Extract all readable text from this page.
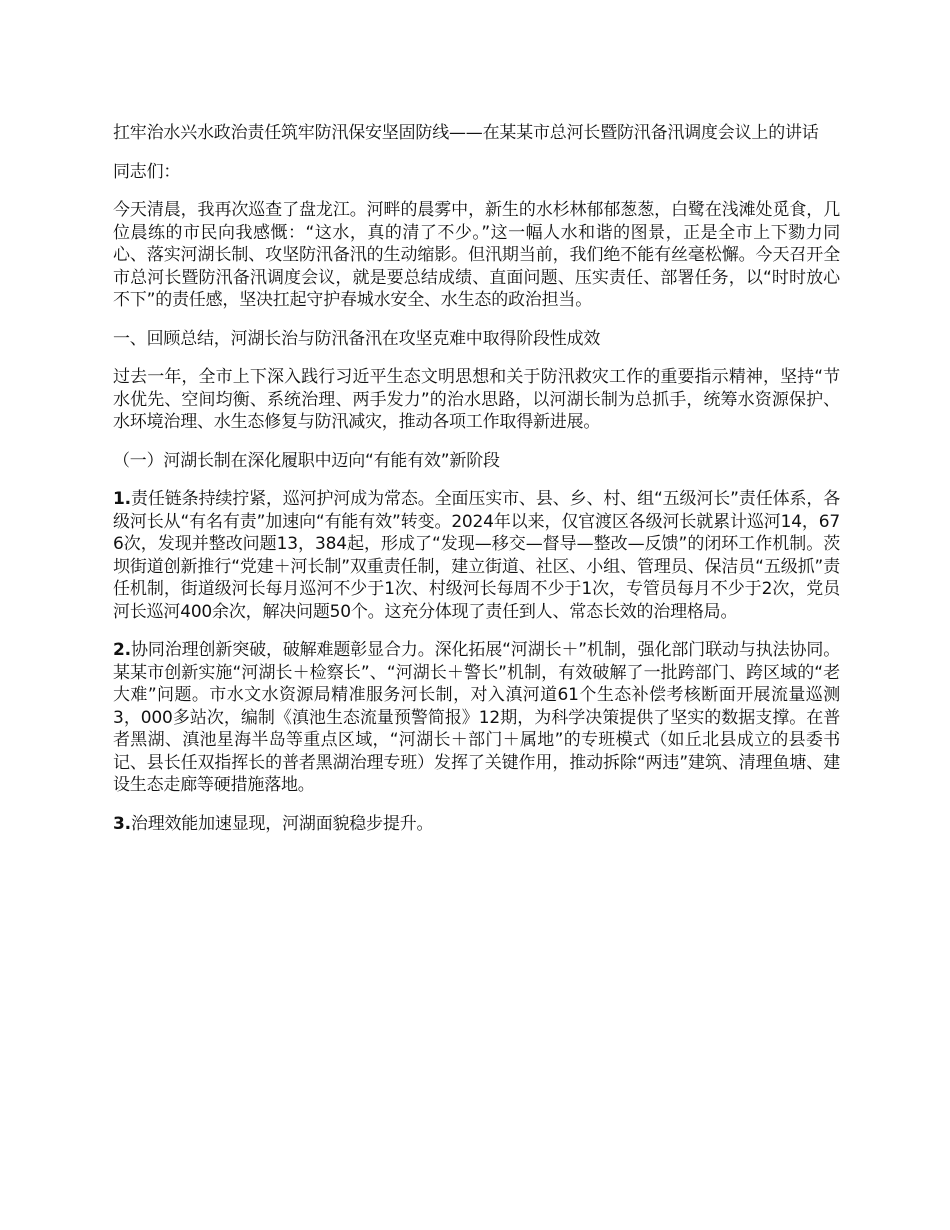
扛牢治水兴水政治责任筑牢防汛保安坚固防线——在某某市总河长暨防汛备汛调度会议上的讲话

同志们：

今天清晨，我再次巡查了盘龙江。河畔的晨雾中，新生的水杉林郁郁葱葱，白鹭在浅滩处觅食，几位晨练的市民向我感慨：“这水，真的清了不少。”这一幅人水和谐的图景，正是全市上下勠力同心、落实河湖长制、攻坚防汛备汛的生动缩影。但汛期当前，我们绝不能有丝毫松懈。今天召开全市总河长暨防汛备汛调度会议，就是要总结成绩、直面问题、压实责任、部署任务，以“时时放心不下”的责任感，坚决扛起守护春城水安全、水生态的政治担当。

一、回顾总结，河湖长治与防汛备汛在攻坚克难中取得阶段性成效

过去一年，全市上下深入践行习近平生态文明思想和关于防汛救灾工作的重要指示精神，坚持“节水优先、空间均衡、系统治理、两手发力”的治水思路，以河湖长制为总抓手，统筹水资源保护、水环境治理、水生态修复与防汛减灾，推动各项工作取得新进展。

（一）河湖长制在深化履职中迈向“有能有效”新阶段

1.责任链条持续拧紧，巡河护河成为常态。全面压实市、县、乡、村、组“五级河长”责任体系，各级河长从“有名有责”加速向“有能有效”转变。2024年以来，仅官渡区各级河长就累计巡河14，676次，发现并整改问题13，384起，形成了“发现—移交—督导—整改—反馈”的闭环工作机制。茨坝街道创新推行“党建＋河长制”双重责任制，建立街道、社区、小组、管理员、保洁员“五级抓”责任机制，街道级河长每月巡河不少于1次、村级河长每周不少于1次，专管员每月不少于2次，党员河长巡河400余次，解决问题50个。这充分体现了责任到人、常态长效的治理格局。

2.协同治理创新突破，破解难题彰显合力。深化拓展“河湖长＋”机制，强化部门联动与执法协同。某某市创新实施“河湖长＋检察长”、“河湖长＋警长”机制，有效破解了一批跨部门、跨区域的“老大难”问题。市水文水资源局精准服务河长制，对入滇河道61个生态补偿考核断面开展流量巡测3，000多站次，编制《滇池生态流量预警简报》12期，为科学决策提供了坚实的数据支撑。在普者黑湖、滇池星海半岛等重点区域，“河湖长＋部门＋属地”的专班模式（如丘北县成立的县委书记、县长任双指挥长的普者黑湖治理专班）发挥了关键作用，推动拆除“两违”建筑、清理鱼塘、建设生态走廊等硬措施落地。

3.治理效能加速显现，河湖面貌稳步提升。
